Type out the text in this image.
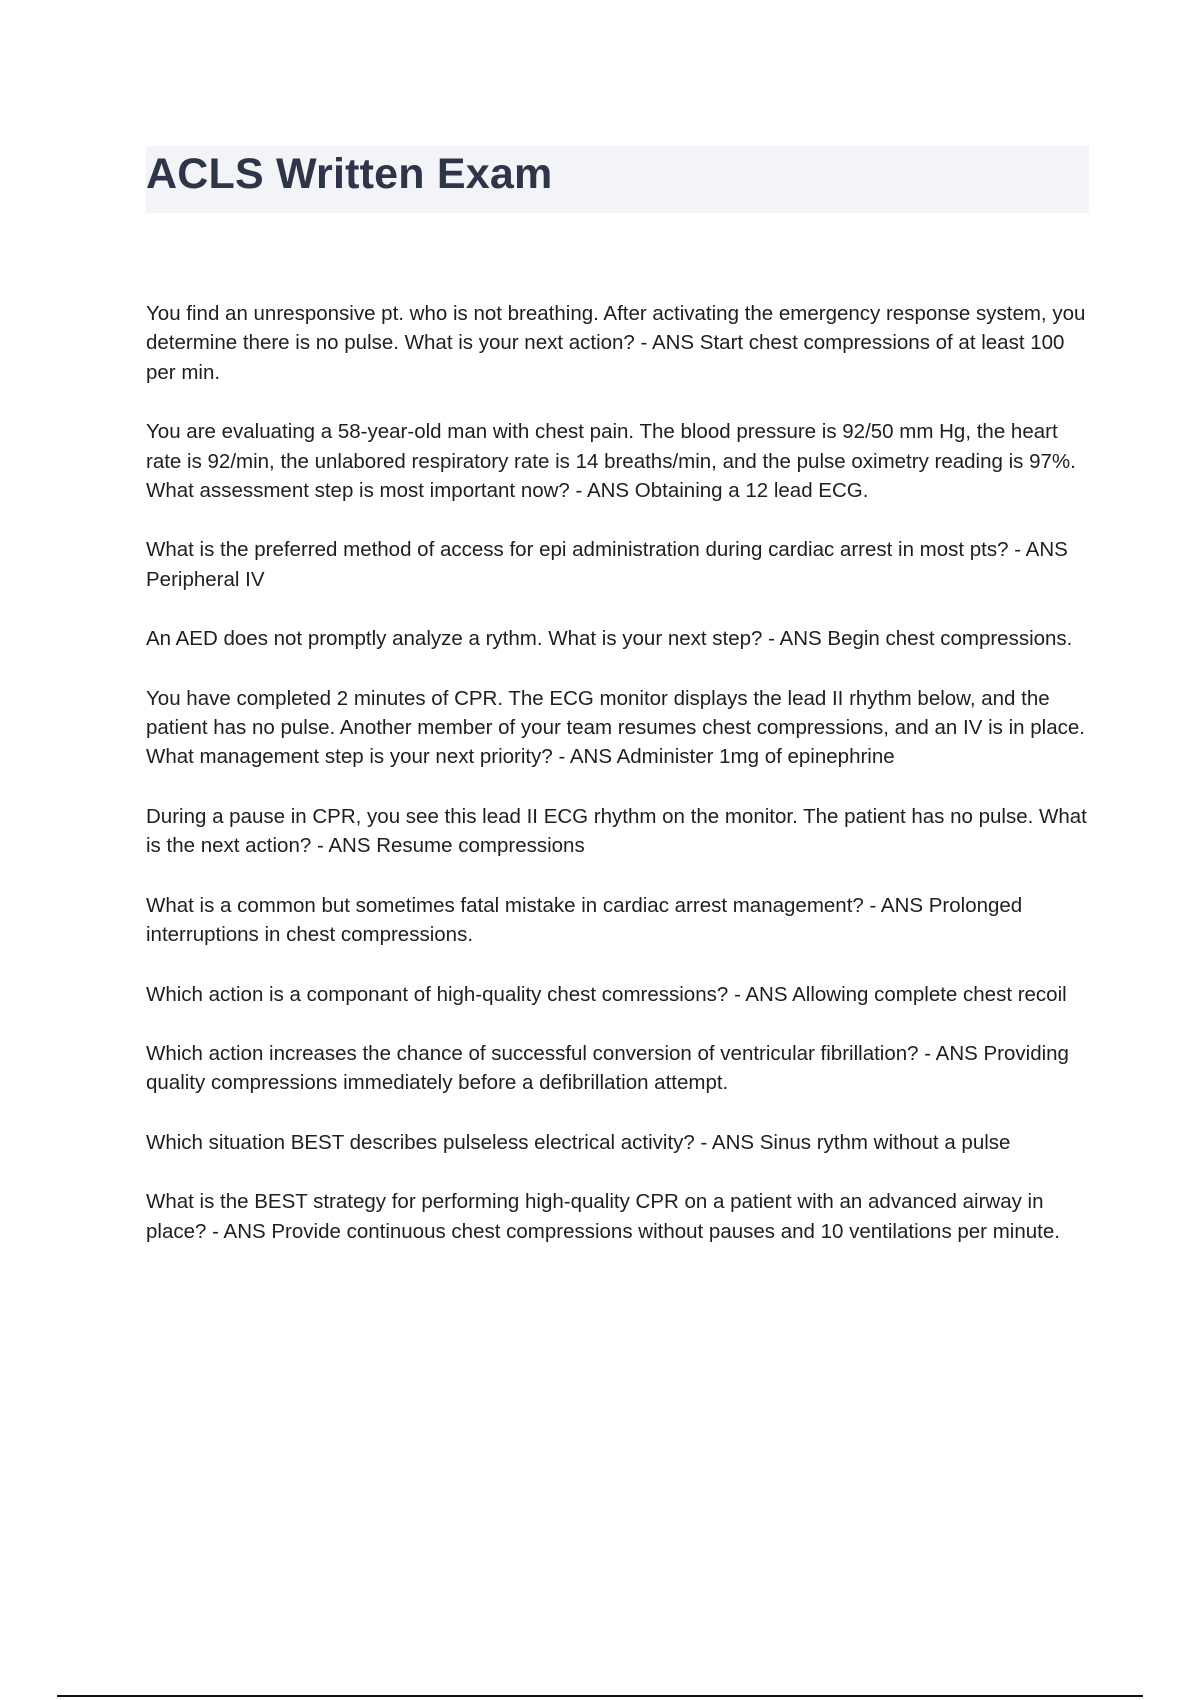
ACLS Written Exam
You find an unresponsive pt. who is not breathing. After activating the emergency response system, you determine there is no pulse. What is your next action? - ANS Start chest compressions of at least 100 per min.
You are evaluating a 58-year-old man with chest pain. The blood pressure is 92/50 mm Hg, the heart rate is 92/min, the unlabored respiratory rate is 14 breaths/min, and the pulse oximetry reading is 97%. What assessment step is most important now? - ANS Obtaining a 12 lead ECG.
What is the preferred method of access for epi administration during cardiac arrest in most pts? - ANS Peripheral IV
An AED does not promptly analyze a rythm. What is your next step? - ANS Begin chest compressions.
You have completed 2 minutes of CPR. The ECG monitor displays the lead II rhythm below, and the patient has no pulse. Another member of your team resumes chest compressions, and an IV is in place. What management step is your next priority? - ANS Administer 1mg of epinephrine
During a pause in CPR, you see this lead II ECG rhythm on the monitor. The patient has no pulse. What is the next action? - ANS Resume compressions
What is a common but sometimes fatal mistake in cardiac arrest management? - ANS Prolonged interruptions in chest compressions.
Which action is a componant of high-quality chest comressions? - ANS Allowing complete chest recoil
Which action increases the chance of successful conversion of ventricular fibrillation? - ANS Providing quality compressions immediately before a defibrillation attempt.
Which situation BEST describes pulseless electrical activity? - ANS Sinus rythm without a pulse
What is the BEST strategy for performing high-quality CPR on a patient with an advanced airway in place? - ANS Provide continuous chest compressions without pauses and 10 ventilations per minute.
